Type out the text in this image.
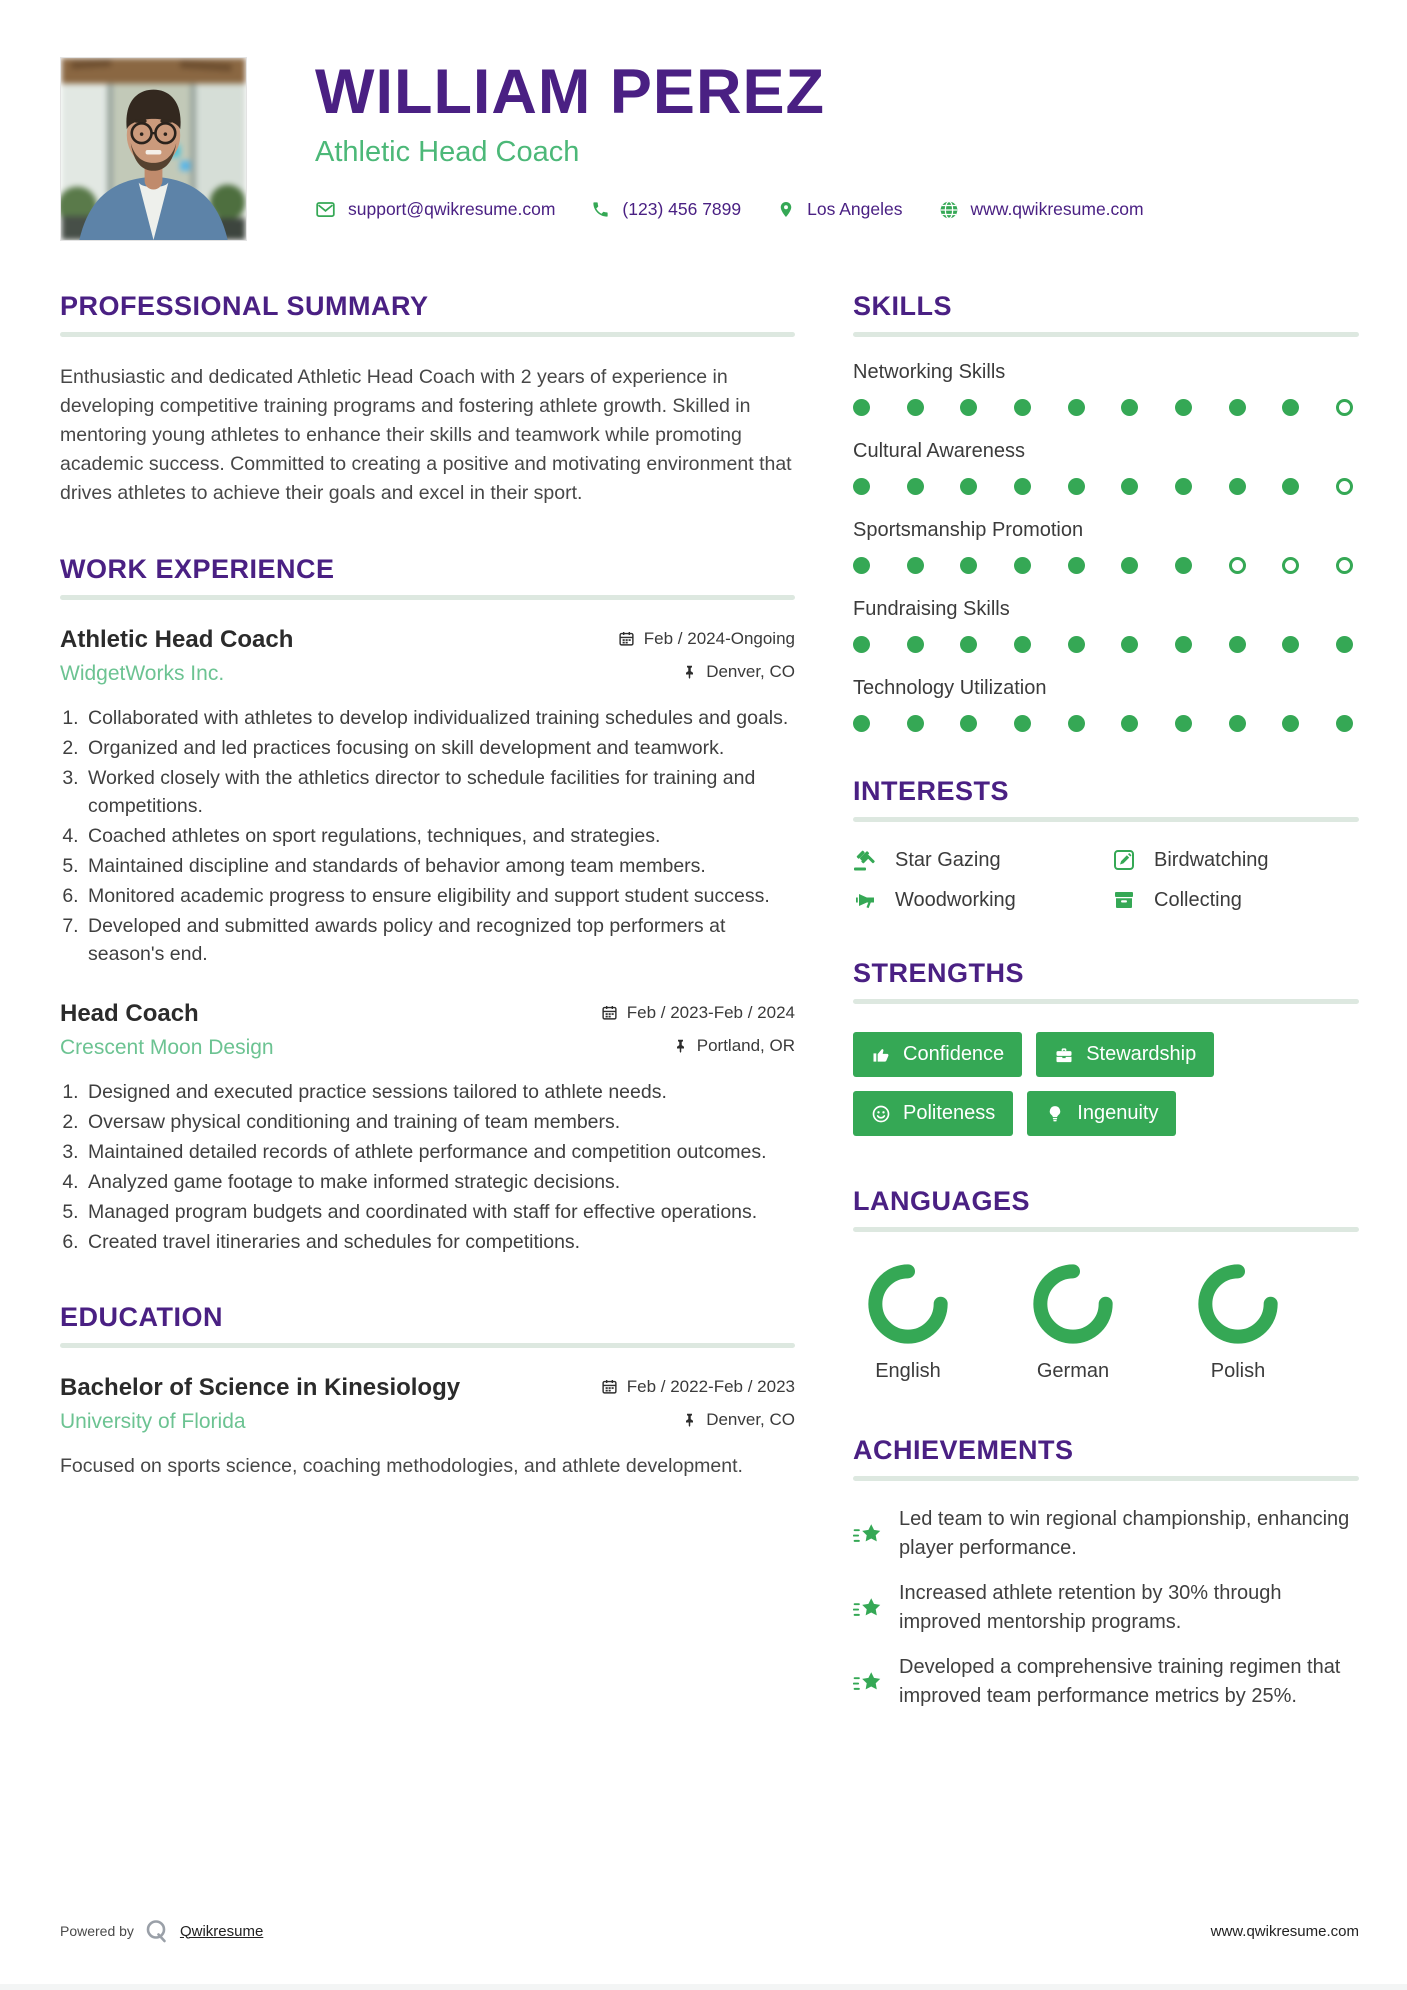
WILLIAM PEREZ
Athletic Head Coach
support@qwikresume.com	(123) 456 7899	Los Angeles	www.qwikresume.com
PROFESSIONAL SUMMARY

Enthusiastic and dedicated Athletic Head Coach with 2 years of experience in developing competitive training programs and fostering athlete growth. Skilled in mentoring young athletes to enhance their skills and teamwork while promoting academic success. Committed to creating a positive and motivating environment that drives athletes to achieve their goals and excel in their sport.

WORK EXPERIENCE
Athletic Head Coach	Feb / 2024-Ongoing
WidgetWorks Inc.	Denver, CO
1. Collaborated with athletes to develop individualized training schedules and goals.
2. Organized and led practices focusing on skill development and teamwork.
3. Worked closely with the athletics director to schedule facilities for training and competitions.
4. Coached athletes on sport regulations, techniques, and strategies.
5. Maintained discipline and standards of behavior among team members.
6. Monitored academic progress to ensure eligibility and support student success.
7. Developed and submitted awards policy and recognized top performers at season's end.
Head Coach	Feb / 2023-Feb / 2024
Crescent Moon Design	Portland, OR
1. Designed and executed practice sessions tailored to athlete needs.
2. Oversaw physical conditioning and training of team members.
3. Maintained detailed records of athlete performance and competition outcomes.
4. Analyzed game footage to make informed strategic decisions.
5. Managed program budgets and coordinated with staff for effective operations.
6. Created travel itineraries and schedules for competitions.
EDUCATION
Bachelor of Science in Kinesiology	Feb / 2022-Feb / 2023
University of Florida	Denver, CO

Focused on sports science, coaching methodologies, and athlete development.

SKILLS
Networking Skills
Cultural Awareness
Sportsmanship Promotion
Fundraising Skills
Technology Utilization
INTERESTS
Star Gazing	Birdwatching
Woodworking	Collecting
STRENGTHS
Confidence	Stewardship
Politeness	Ingenuity
LANGUAGES
English	German	Polish
ACHIEVEMENTS
Led team to win regional championship, enhancing player performance.
Increased athlete retention by 30% through improved mentorship programs.
Developed a comprehensive training regimen that improved team performance metrics by 25%.
Powered by	Qwikresume	www.qwikresume.com
